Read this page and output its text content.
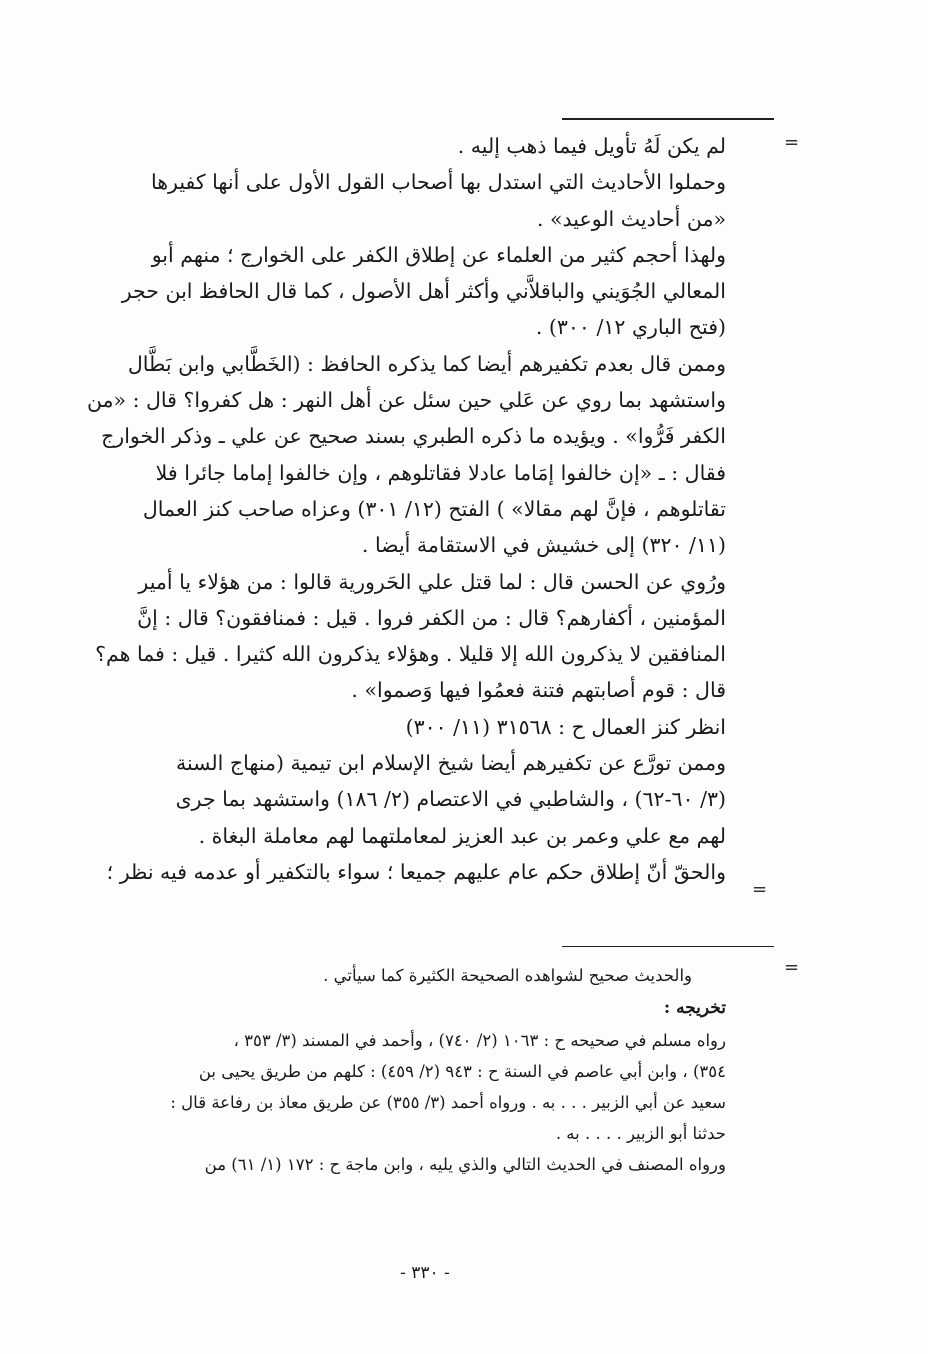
=
لم يكن لَهُ تأويل فيما ذهب إليه .
وحملوا الأحاديث التي استدل بها أصحاب القول الأول على أنها كفيرها
«من أحاديث الوعيد» .
ولهذا أحجم كثير من العلماء عن إطلاق الكفر على الخوارج ؛ منهم أبو
المعالي الجُوَيني والباقلاَّني وأكثر أهل الأصول ، كما قال الحافظ ابن حجر
(فتح الباري ١٢/ ٣٠٠) .
وممن قال بعدم تكفيرهم أيضا كما يذكره الحافظ : (الخَطَّابي وابن بَطَّال
واستشهد بما روي عن عَلي حين سئل عن أهل النهر : هل كفروا؟ قال : «من
الكفر فَرُّوا» . ويؤيده ما ذكره الطبري بسند صحيح عن علي ـ وذكر الخوارج
فقال : ـ «إن خالفوا إمَاما عادلا فقاتلوهم ، وإن خالفوا إماما جائرا فلا
تقاتلوهم ، فإنَّ لهم مقالا» ) الفتح (١٢/ ٣٠١) وعزاه صاحب كنز العمال
(١١/ ٣٢٠) إلى خشيش في الاستقامة أيضا .
ورُوي عن الحسن قال : لما قتل علي الحَرورية قالوا : من هؤلاء يا أمير
المؤمنين ، أكفارهم؟ قال : من الكفر فروا . قيل : فمنافقون؟ قال : إنَّ
المنافقين لا يذكرون الله إلا قليلا . وهؤلاء يذكرون الله كثيرا . قيل : فما هم؟
قال : قوم أصابتهم فتنة فعمُوا فيها وَصموا» .
انظر كنز العمال ح : ٣١٥٦٨ (١١/ ٣٠٠)
وممن تورَّع عن تكفيرهم أيضا شيخ الإسلام ابن تيمية (منهاج السنة
(٣/ ٦٠-٦٢) ، والشاطبي في الاعتصام (٢/ ١٨٦) واستشهد بما جرى
لهم مع علي وعمر بن عبد العزيز لمعاملتهما لهم معاملة البغاة .
والحقّ أنّ إطلاق حكم عام عليهم جميعا ؛ سواء بالتكفير أو عدمه فيه نظر ؛
=
=
والحديث صحيح لشواهده الصحيحة الكثيرة كما سيأتي .
تخريجه :
رواه مسلم في صحيحه ح : ١٠٦٣ (٢/ ٧٤٠) ، وأحمد في المسند (٣/ ٣٥٣ ،
٣٥٤) ، وابن أبي عاصم في السنة ح : ٩٤٣ (٢/ ٤٥٩) : كلهم من طريق يحيى بن
سعيد عن أبي الزبير . . . به . ورواه أحمد (٣/ ٣٥٥) عن طريق معاذ بن رفاعة قال :
حدثنا أبو الزبير . . . . به .
ورواه المصنف في الحديث التالي والذي يليه ، وابن ماجة ح : ١٧٢ (١/ ٦١) من
- ٣٣٠ -
